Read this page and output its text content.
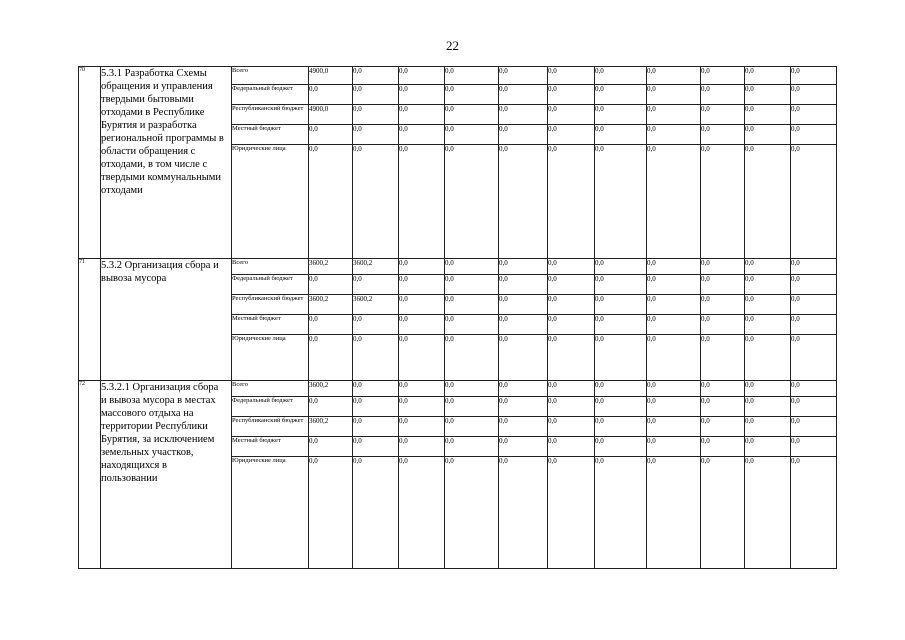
22
70	5.3.1 Разработка Схемы обращения и управления твердыми бытовыми отходами в Республике Бурятия и разработка региональной программы в области обращения с отходами, в том числе с твердыми коммунальными отходами	Всего	4900,0	0,0	0,0	0,0	0,0	0,0	0,0	0,0	0,0	0,0	0,0
		Федеральный бюджет	0,0	0,0	0,0	0,0	0,0	0,0	0,0	0,0	0,0	0,0	0,0
		Республиканский бюджет	4900,0	0,0	0,0	0,0	0,0	0,0	0,0	0,0	0,0	0,0	0,0
		Местный бюджет	0,0	0,0	0,0	0,0	0,0	0,0	0,0	0,0	0,0	0,0	0,0
		Юридические лица	0,0	0,0	0,0	0,0	0,0	0,0	0,0	0,0	0,0	0,0	0,0
71	5.3.2 Организация сбора и вывоза мусора	Всего	3600,2	3600,2	0,0	0,0	0,0	0,0	0,0	0,0	0,0	0,0	0,0
		Федеральный бюджет	0,0	0,0	0,0	0,0	0,0	0,0	0,0	0,0	0,0	0,0	0,0
		Республиканский бюджет	3600,2	3600,2	0,0	0,0	0,0	0,0	0,0	0,0	0,0	0,0	0,0
		Местный бюджет	0,0	0,0	0,0	0,0	0,0	0,0	0,0	0,0	0,0	0,0	0,0
		Юридические лица	0,0	0,0	0,0	0,0	0,0	0,0	0,0	0,0	0,0	0,0	0,0
72	5.3.2.1 Организация сбора и вывоза мусора в местах массового отдыха на территории Республики Бурятия, за исключением земельных участков, находящихся в пользовании	Всего	3600,2	0,0	0,0	0,0	0,0	0,0	0,0	0,0	0,0	0,0	0,0
		Федеральный бюджет	0,0	0,0	0,0	0,0	0,0	0,0	0,0	0,0	0,0	0,0	0,0
		Республиканский бюджет	3600,2	0,0	0,0	0,0	0,0	0,0	0,0	0,0	0,0	0,0	0,0
		Местный бюджет	0,0	0,0	0,0	0,0	0,0	0,0	0,0	0,0	0,0	0,0	0,0
		Юридические лица	0,0	0,0	0,0	0,0	0,0	0,0	0,0	0,0	0,0	0,0	0,0
